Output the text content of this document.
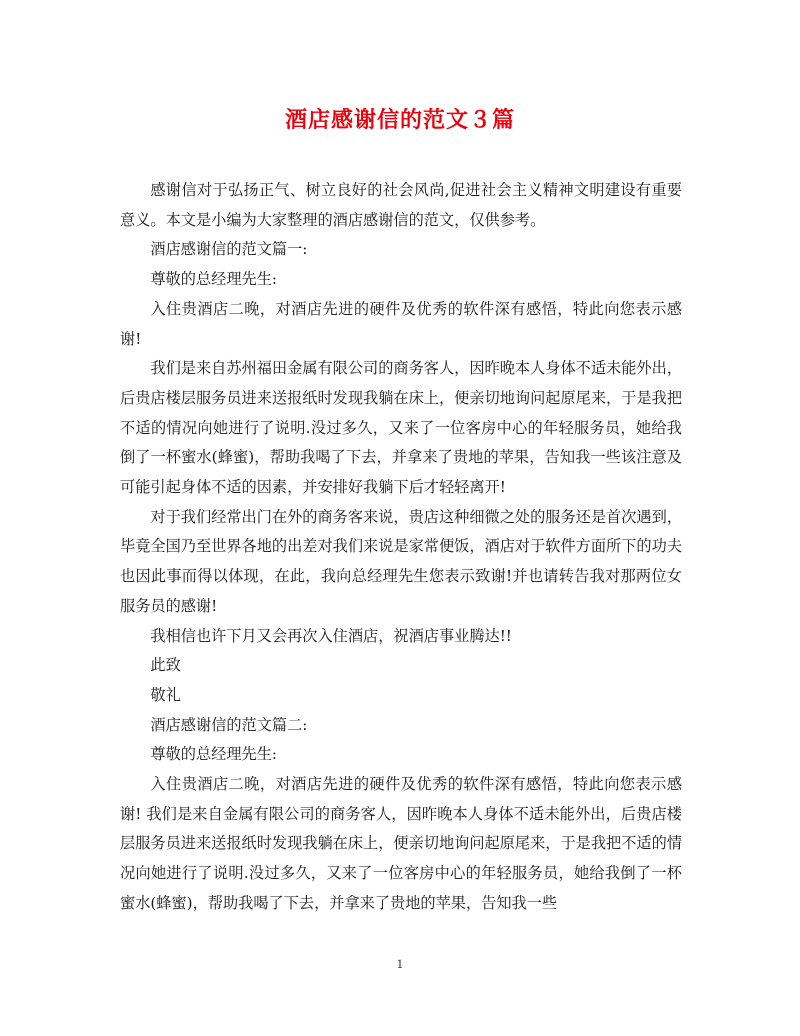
酒店感谢信的范文３篇

感谢信对于弘扬正气、树立良好的社会风尚,促进社会主义精神文明建设有重要意义。本文是小编为大家整理的酒店感谢信的范文，仅供参考。

酒店感谢信的范文篇一:

尊敬的总经理先生:

入住贵酒店二晚，对酒店先进的硬件及优秀的软件深有感悟，特此向您表示感谢!

我们是来自苏州福田金属有限公司的商务客人，因昨晚本人身体不适未能外出，后贵店楼层服务员进来送报纸时发现我躺在床上，便亲切地询问起原尾来，于是我把不适的情况向她进行了说明.没过多久，又来了一位客房中心的年轻服务员，她给我倒了一杯蜜水(蜂蜜)，帮助我喝了下去，并拿来了贵地的苹果，告知我一些该注意及可能引起身体不适的因素，并安排好我躺下后才轻轻离开!

对于我们经常出门在外的商务客来说，贵店这种细微之处的服务还是首次遇到，毕竟全国乃至世界各地的出差对我们来说是家常便饭，酒店对于软件方面所下的功夫也因此事而得以体现，在此，我向总经理先生您表示致谢!并也请转告我对那两位女服务员的感谢!

我相信也许下月又会再次入住酒店，祝酒店事业腾达!!

此致

敬礼

酒店感谢信的范文篇二:

尊敬的总经理先生:

入住贵酒店二晚，对酒店先进的硬件及优秀的软件深有感悟，特此向您表示感谢! 我们是来自金属有限公司的商务客人，因昨晚本人身体不适未能外出，后贵店楼层服务员进来送报纸时发现我躺在床上，便亲切地询问起原尾来，于是我把不适的情况向她进行了说明.没过多久，又来了一位客房中心的年轻服务员，她给我倒了一杯蜜水(蜂蜜)，帮助我喝了下去，并拿来了贵地的苹果，告知我一些

1
